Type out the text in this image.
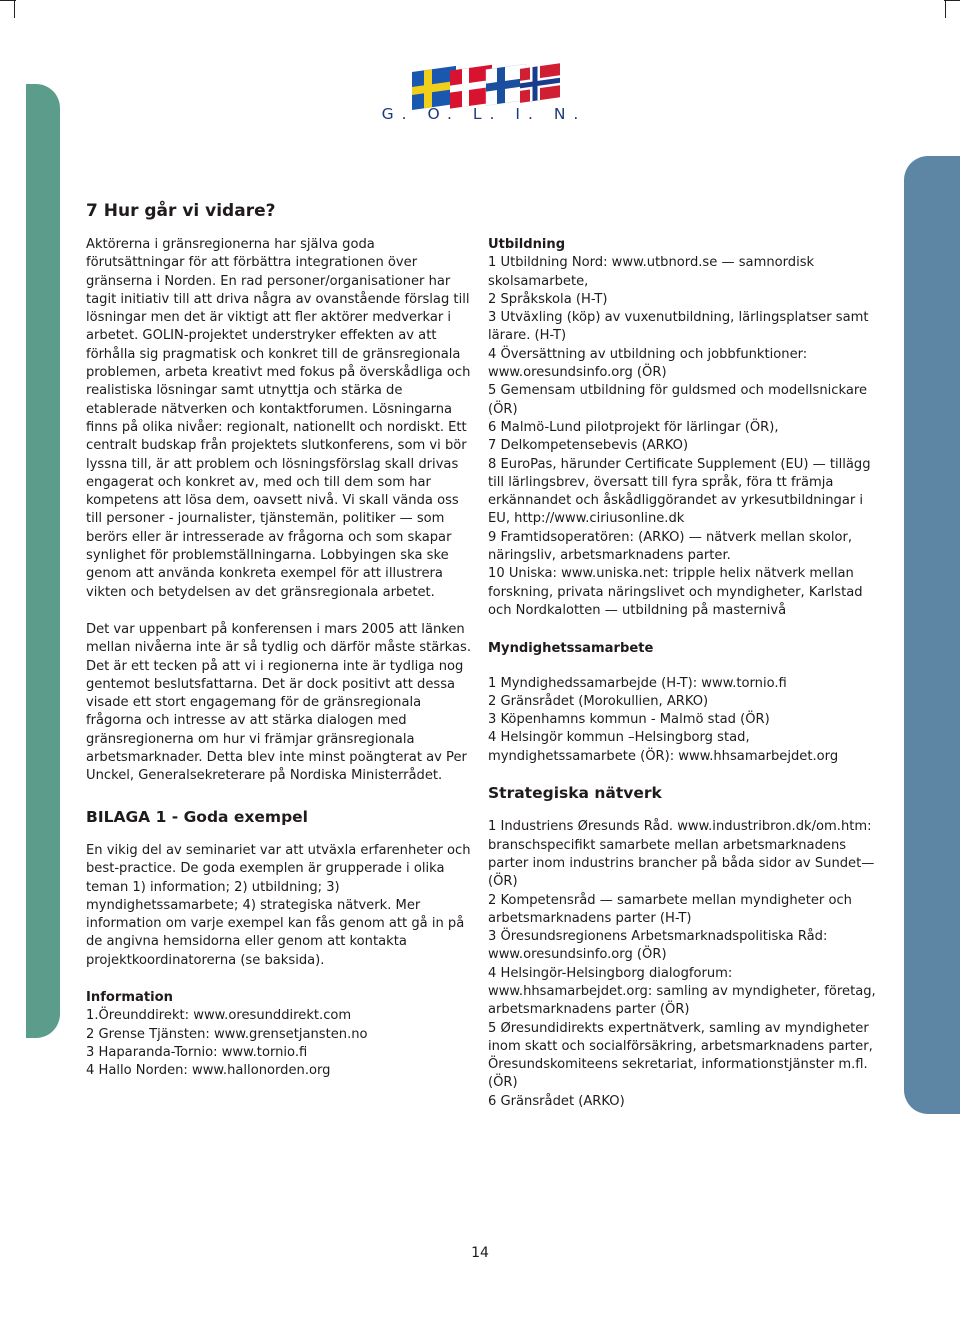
G. O. L. I. N.
7 Hur går vi vidare?

Aktörerna i gränsregionerna har själva goda förutsättningar för att förbättra integrationen över gränserna i Norden. En rad personer/organisationer har tagit initiativ till att driva några av ovanstående förslag till lösningar men det är viktigt att fler aktörer medverkar i arbetet. GOLIN-projektet understryker effekten av att förhålla sig pragmatisk och konkret till de gränsregionala problemen, arbeta kreativt med fokus på överskådliga och realistiska lösningar samt utnyttja och stärka de etablerade nätverken och kontaktforumen. Lösningarna finns på olika nivåer: regionalt, nationellt och nordiskt. Ett centralt budskap från projektets slutkonferens, som vi bör lyssna till, är att problem och lösningsförslag skall drivas engagerat och konkret av, med och till dem som har kompetens att lösa dem, oavsett nivå. Vi skall vända oss till personer - journalister, tjänstemän, politiker — som berörs eller är intresserade av frågorna och som skapar synlighet för problemställningarna. Lobbyingen ska ske genom att använda konkreta exempel för att illustrera vikten och betydelsen av det gränsregionala arbetet.

Det var uppenbart på konferensen i mars 2005 att länken mellan nivåerna inte är så tydlig och därför måste stärkas. Det är ett tecken på att vi i regionerna inte är tydliga nog gentemot beslutsfattarna. Det är dock positivt att dessa visade ett stort engagemang för de gränsregionala frågorna och intresse av att stärka dialogen med gränsregionerna om hur vi främjar gränsregionala arbetsmarknader. Detta blev inte minst poängterat av Per Unckel, Generalsekreterare på Nordiska Ministerrådet.

BILAGA 1 - Goda exempel

En vikig del av seminariet var att utväxla erfarenheter och best-practice. De goda exemplen är grupperade i olika teman 1) information; 2) utbildning; 3) myndighetssamarbete; 4) strategiska nätverk. Mer information om varje exempel kan fås genom att gå in på de angivna hemsidorna eller genom att kontakta projektkoordinatorerna (se baksida).

Information

1.Öreunddirekt: www.oresunddirekt.com

2 Grense Tjänsten: www.grensetjansten.no

3 Haparanda-Tornio: www.tornio.fi

4 Hallo Norden: www.hallonorden.org

Utbildning

1 Utbildning Nord: www.utbnord.se — samnordisk skolsamarbete,

2 Språkskola (H-T)

3 Utväxling (köp) av vuxenutbildning, lärlingsplatser samt lärare. (H-T)

4 Översättning av utbildning och jobbfunktioner: www.oresundsinfo.org (ÖR)

5 Gemensam utbildning för guldsmed och modellsnickare (ÖR)

6 Malmö-Lund pilotprojekt för lärlingar (ÖR),

7 Delkompetensebevis (ARKO)

8 EuroPas, härunder Certificate Supplement (EU) — tillägg till lärlingsbrev, översatt till fyra språk, föra tt främja erkännandet och åskådliggörandet av yrkesutbildningar i EU, http://www.ciriusonline.dk

9 Framtidsoperatören: (ARKO) — nätverk mellan skolor, näringsliv, arbetsmarknadens parter.

10 Uniska: www.uniska.net: tripple helix nätverk mellan forskning, privata näringslivet och myndigheter, Karlstad och Nordkalotten — utbildning på masternivå

Myndighetssamarbete

1 Myndighedssamarbejde (H-T): www.tornio.fi

2 Gränsrådet (Morokullien, ARKO)

3 Köpenhamns kommun - Malmö stad (ÖR)

4 Helsingör kommun –Helsingborg stad, myndighetssamarbete (ÖR): www.hhsamarbejdet.org

Strategiska nätverk

1 Industriens Øresunds Råd. www.industribron.dk/om.htm: branschspecifikt samarbete mellan arbetsmarknadens parter inom industrins brancher på båda sidor av Sundet— (ÖR)

2 Kompetensråd — samarbete mellan myndigheter och arbetsmarknadens parter (H-T)

3 Öresundsregionens Arbetsmarknadspolitiska Råd: www.oresundsinfo.org (ÖR)

4 Helsingör-Helsingborg dialogforum: www.hhsamarbejdet.org: samling av myndigheter, företag, arbetsmarknadens parter (ÖR)

5 Øresundidirekts expertnätverk, samling av myndigheter inom skatt och socialförsäkring, arbetsmarknadens parter, Öresundskomiteens sekretariat, informationstjänster m.fl. (ÖR)

6 Gränsrådet (ARKO)

14
